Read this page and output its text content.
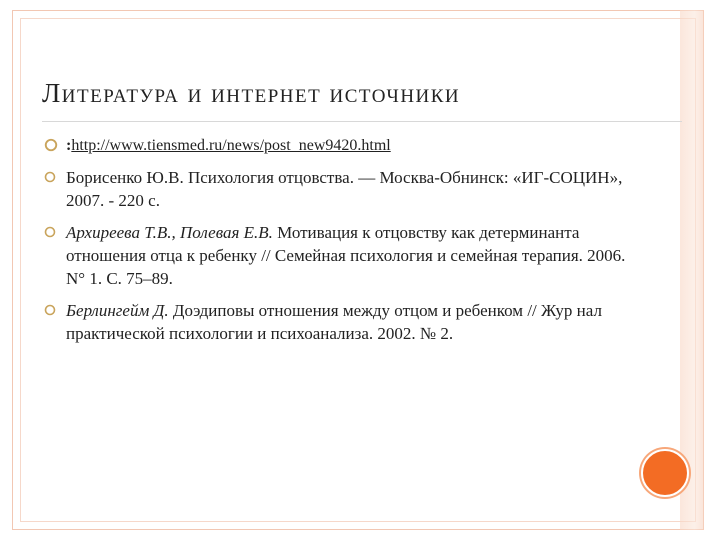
Литература и интернет источники
:http://www.tiensmed.ru/news/post_new9420.html
Борисенко Ю.В. Психология отцовства. — Москва-Обнинск: «ИГ-СОЦИН», 2007. - 220 с.
Архиреева Т.В., Полевая Е.В. Мотивация к отцовству как детерминанта отношения отца к ребенку // Семейная психология и семейная терапия. 2006. N° 1. С. 75–89.
Берлингейм Д. Доэдиповы отношения между отцом и ребенком // Жур нал практической психологии и психоанализа. 2002. № 2.
